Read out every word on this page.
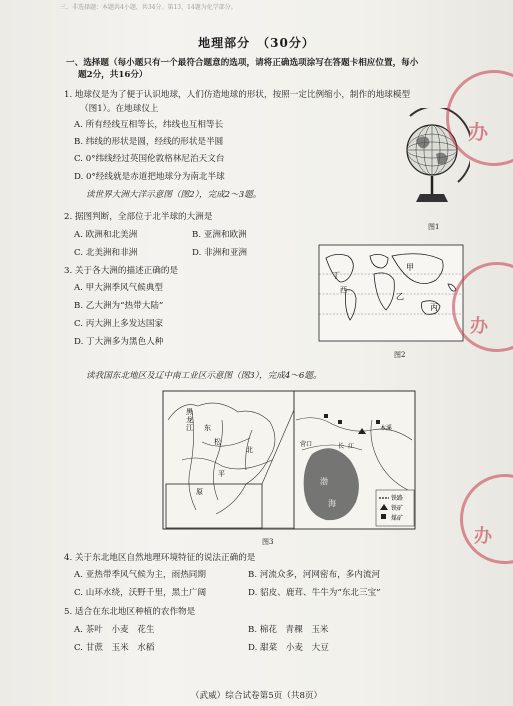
三、非选择题：本题共4小题，共34分。第13、14题为化学部分。
地理部分　（30分）
一、选择题（每小题只有一个最符合题意的选项，请将正确选项涂写在答题卡相应位置，每小
题2分，共16分）
1. 地球仪是为了便于认识地球，人们仿造地球的形状，按照一定比例缩小，制作的地球模型
（图1）。在地球仪上
A. 所有经线互相等长，纬线也互相等长
B. 纬线的形状是圆，经线的形状是半圆
C. 0°纬线经过英国伦敦格林尼治天文台
D. 0°经线就是赤道把地球分为南北半球
读世界大洲大洋示意图（图2），完成2～3题。
图1
2. 据图判断，全部位于北半球的大洲是
A. 欧洲和北美洲	B. 亚洲和欧洲
C. 北美洲和非洲	D. 非洲和亚洲
3. 关于各大洲的描述正确的是
A. 甲大洲季风气候典型
B. 乙大洲为“热带大陆”
C. 丙大洲上多发达国家
D. 丁大洲多为黑色人种
甲
乙
丙
丁
西
图2
读我国东北地区及辽中南工业区示意图（图3），完成4～6题。
黑
龙
江
松
平
原
东
北
渤
海
本溪
营口	长 江
铁路
铁矿
煤矿
图3
4. 关于东北地区自然地理环境特征的说法正确的是
A. 亚热带季风气候为主，雨热同期	B. 河流众多，河网密布，多内流河
C. 山环水绕，沃野千里，黑土广阔	D. 貂皮、鹿茸、牛牛为“东北三宝”
5. 适合在东北地区种植的农作物是
A. 茶叶　小麦　花生	B. 棉花　青稞　玉米
C. 甘蔗　玉米　水稻	D. 甜菜　小麦　大豆
办
办
办
（武威）综合试卷第5页（共8页）
